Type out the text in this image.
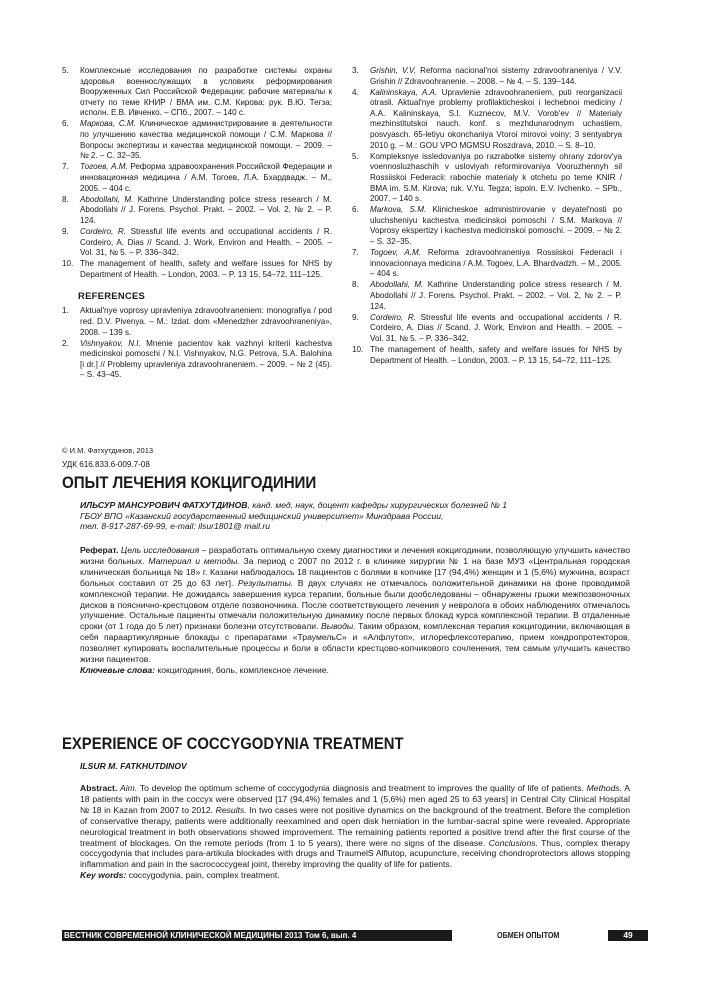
5. Комплексные исследования по разработке системы охраны здоровья военнослужащих в условиях реформирования Вооруженных Сил Российской Федерации: рабочие материалы к отчету по теме КНИР / ВМА им. С.М. Кирова; рук. В.Ю. Тегза; исполн. Е.В. Ивченко. – СПб., 2007. – 140 с.
6. Маркова, С.М. Клиническое администрирование в деятельности по улучшению качества медицинской помощи / С.М. Маркова // Вопросы экспертизы и качества медицинской помощи. – 2009. – № 2. – С. 32–35.
7. Тогоев, А.М. Реформа здравоохранения Российской Федерации и инновационная медицина / А.М. Тогоев, Л.А. Бхардвадж. – М., 2005. – 404 с.
8. Abodollahi, M. Kathrine Understanding police stress research / M. Abodollahi // J. Forens. Psychol. Prakt. – 2002. – Vol. 2, № 2. – P. 124.
9. Cordeiro, R. Stressful life events and occupational accidents / R. Cordeiro, A. Dias // Scand. J. Work, Environ and Health. – 2005. – Vol. 31, № 5. – P. 336–342.
10. The management of health, safety and welfare issues for NHS by Department of Health. – London, 2003. – P. 13 15, 54–72, 111–125.
REFERENCES
1. Aktual'nye voprosy upravleniya zdravoohraneniem: monografiya / pod red. D.V. Pivenya. – M.: Izdat. dom «Menedzher zdravoohraneniya», 2008. – 139 s.
2. Vishnyakov, N.I. Mnenie pacientov kak vazhnyi kriterii kachestva medicinskoi pomoschi / N.I. Vishnyakov, N.G. Petrova, S.A. Balohina [i dr.] // Problemy upravleniya zdravoohraneniem. – 2009. – № 2 (45). – S. 43–45.
3. Grishin, V.V. Reforma nacional'noi sistemy zdravoohraneniya / V.V. Grishin // Zdravoohranenie. – 2008. – № 4. – S. 139–144.
4. Kalininskaya, A.A. Upravlenie zdravoohraneniem, puti reorganizacii otrasli. Aktual'nye problemy profilakticheskoi i lechebnoi mediciny / A.A. Kalininskaya, S.I. Kuznecov, M.V. Vorob'ev // Materialy mezhinstitutskoi nauch. konf. s mezhdunarodnym uchastiem, posvyasch. 65-letiyu okonchaniya Vtoroi mirovoi voiny; 3 sentyabrya 2010 g. – M.: GOU VPO MGMSU Roszdrava, 2010. – S. 8–10.
5. Kompleksnye issledovaniya po razrabotke sistemy ohrany zdorov'ya voennosluzhaschih v usloviyah reformirovaniya Vooruzhennyh sil Rossiiskoi Federacii: rabochie materialy k otchetu po teme KNIR / BMA im. S.M. Kirova; ruk. V.Yu. Tegza; ispoln. E.V. Ivchenko. – SPb., 2007. – 140 s.
6. Markova, S.M. Klinicheskoe administrirovanie v deyatel'nosti po uluchsheniyu kachestva medicinskoi pomoschi / S.M. Markova // Voprosy ekspertizy i kachestva medicinskoi pomoschi. – 2009. – № 2. – S. 32–35.
7. Togoev, A.M. Reforma zdravoohraneniya Rossiiskoi Federacii i innovacionnaya medicina / A.M. Togoev, L.A. Bhardvadzh. – M., 2005. – 404 s.
8. Abodollahi, M. Kathrine Understanding police stress research / M. Abodollahi // J. Forens. Psychol. Prakt. – 2002. – Vol. 2, № 2. – P. 124.
9. Cordeiro, R. Stressful life events and occupational accidents / R. Cordeiro, A. Dias // Scand. J. Work, Environ and Health. – 2005. – Vol. 31, № 5. – P. 336–342.
10. The management of health, safety and welfare issues for NHS by Department of Health. – London, 2003. – P. 13 15, 54–72, 111–125.
© И.М. Фатхутдинов, 2013
УДК 616.833.6-009.7-08
ОПЫТ ЛЕЧЕНИЯ КОКЦИГОДИНИИ
ИЛЬСУР МАНСУРОВИЧ ФАТХУТДИНОВ, канд. мед. наук, доцент кафедры хирургических болезней № 1
ГБОУ ВПО «Казанский государственный медицинский университет» Минздрава России,
тел. 8-917-287-69-99, e-mail: ilsur1801@ mail.ru
Реферат. Цель исследования – разработать оптимальную схему диагностики и лечения кокцигодинии, позволяющую улучшить качество жизни больных. Материал и методы. За период с 2007 по 2012 г. в клинике хирургии № 1 на базе МУЗ «Центральная городская клиническая больница № 18» г. Казани наблюдалось 18 пациентов с болями в копчике [17 (94,4%) женщин и 1 (5,6%) мужчина, возраст больных составил от 25 до 63 лет]. Результаты. В двух случаях не отмечалось положительной динамики на фоне проводимой комплексной терапии. Не дожидаясь завершения курса терапии, больные были дообследованы – обнаружены грыжи межпозвоночных дисков в пояснично-крестцовом отделе позвоночника. После соответствующего лечения у невролога в обоих наблюдениях отмечалось улучшение. Остальные пациенты отмечали положительную динамику после первых блокад курса комплексной терапии. В отдаленные сроки (от 1 года до 5 лет) признаки болезни отсутствовали. Выводы. Таким образом, комплексная терапия кокцигодинии, включающая в себя параартикулярные блокады с препаратами «ТраумельС» и «Алфлутоп», иглорефлексотерапию, прием хондропротекторов, позволяет купировать воспалительные процессы и боли в области крестцово-копчикового сочленения, тем самым улучшить качество жизни пациентов.
Ключевые слова: кокцигодиния, боль, комплексное лечение.
EXPERIENCE OF COCCYGODYNIA TREATMENT
ILSUR M. FATKHUTDINOV
Abstract. Aim. To develop the optimum scheme of coccygodynia diagnosis and treatment to improves the quality of life of patients. Methods. A 18 patients with pain in the coccyx were observed [17 (94,4%) females and 1 (5,6%) men aged 25 to 63 years] in Central City Clinical Hospital № 18 in Kazan from 2007 to 2012. Results. In two cases were not positive dynamics on the background of the treatment. Before the completion of conservative therapy, patients were additionally reexamined and open disk herniation in the lumbar-sacral spine were revealed. Appropriate neurological treatment in both observations showed improvement. The remaining patients reported a positive trend after the first course of the treatment of blockages. On the remote periods (from 1 to 5 years), there were no signs of the disease. Conclusions. Thus, complex therapy coccygodynia that includes para-artikula blockades with drugs and TraumelS Alflutop, acupuncture, receiving chondroprotectors allows stopping inflammation and pain in the sacrococcygeal joint, thereby improving the quality of life for patients.
Key words: coccygodynia, pain, complex treatment.
ВЕСТНИК СОВРЕМЕННОЙ КЛИНИЧЕСКОЙ МЕДИЦИНЫ 2013 Том 6, вып. 4	ОБМЕН ОПЫТОМ	49
